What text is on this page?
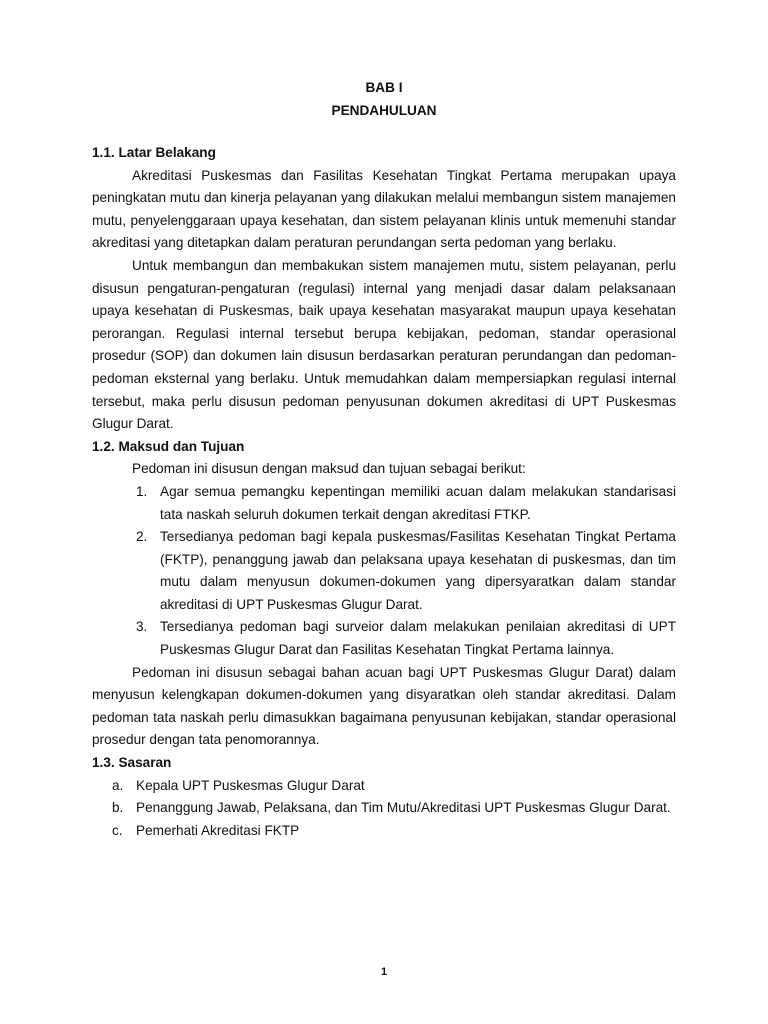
BAB I
PENDAHULUAN
1.1. Latar Belakang

Akreditasi Puskesmas dan Fasilitas Kesehatan Tingkat Pertama merupakan upaya peningkatan mutu dan kinerja pelayanan yang dilakukan melalui membangun sistem manajemen mutu, penyelenggaraan upaya kesehatan, dan sistem pelayanan klinis untuk memenuhi standar akreditasi yang ditetapkan dalam peraturan perundangan serta pedoman yang berlaku.

Untuk membangun dan membakukan sistem manajemen mutu, sistem pelayanan, perlu disusun pengaturan-pengaturan (regulasi) internal yang menjadi dasar dalam pelaksanaan upaya kesehatan di Puskesmas, baik upaya kesehatan masyarakat maupun upaya kesehatan perorangan. Regulasi internal tersebut berupa kebijakan, pedoman, standar operasional prosedur (SOP) dan dokumen lain disusun berdasarkan peraturan perundangan dan pedoman-pedoman eksternal yang berlaku. Untuk memudahkan dalam mempersiapkan regulasi internal tersebut, maka perlu disusun pedoman penyusunan dokumen akreditasi di UPT Puskesmas Glugur Darat.

1.2. Maksud dan Tujuan

Pedoman ini disusun dengan maksud dan tujuan sebagai berikut:

1. Agar semua pemangku kepentingan memiliki acuan dalam melakukan standarisasi tata naskah seluruh dokumen terkait dengan akreditasi FTKP.
2. Tersedianya pedoman bagi kepala puskesmas/Fasilitas Kesehatan Tingkat Pertama (FKTP), penanggung jawab dan pelaksana upaya kesehatan di puskesmas, dan tim mutu dalam menyusun dokumen-dokumen yang dipersyaratkan dalam standar akreditasi di UPT Puskesmas Glugur Darat.
3. Tersedianya pedoman bagi surveior dalam melakukan penilaian akreditasi di UPT Puskesmas Glugur Darat dan Fasilitas Kesehatan Tingkat Pertama lainnya.

Pedoman ini disusun sebagai bahan acuan bagi UPT Puskesmas Glugur Darat) dalam menyusun kelengkapan dokumen-dokumen yang disyaratkan oleh standar akreditasi. Dalam pedoman tata naskah perlu dimasukkan bagaimana penyusunan kebijakan, standar operasional prosedur dengan tata penomorannya.

1.3. Sasaran
a. Kepala UPT Puskesmas Glugur Darat
b. Penanggung Jawab, Pelaksana, dan Tim Mutu/Akreditasi UPT Puskesmas Glugur Darat.
c. Pemerhati Akreditasi FKTP
1
